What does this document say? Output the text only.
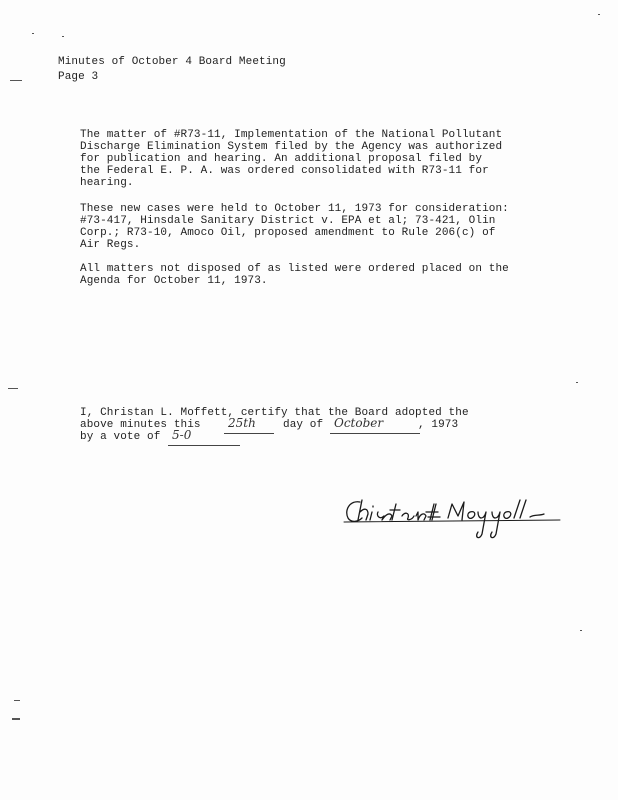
Minutes of October 4 Board Meeting
Page 3
The matter of #R73-11, Implementation of the National Pollutant
Discharge Elimination System filed by the Agency was authorized
for publication and hearing. An additional proposal filed by
the Federal E. P. A. was ordered consolidated with R73-11 for
hearing.
These new cases were held to October 11, 1973 for consideration:
#73-417, Hinsdale Sanitary District v. EPA et al; 73-421, Olin
Corp.; R73-10, Amoco Oil, proposed amendment to Rule 206(c) of
Air Regs.
All matters not disposed of as listed were ordered placed on the
Agenda for October 11, 1973.
I, Christan L. Moffett, certify that the Board adopted the
above minutes this 25th day of October	, 1973
by a vote of 5-0
